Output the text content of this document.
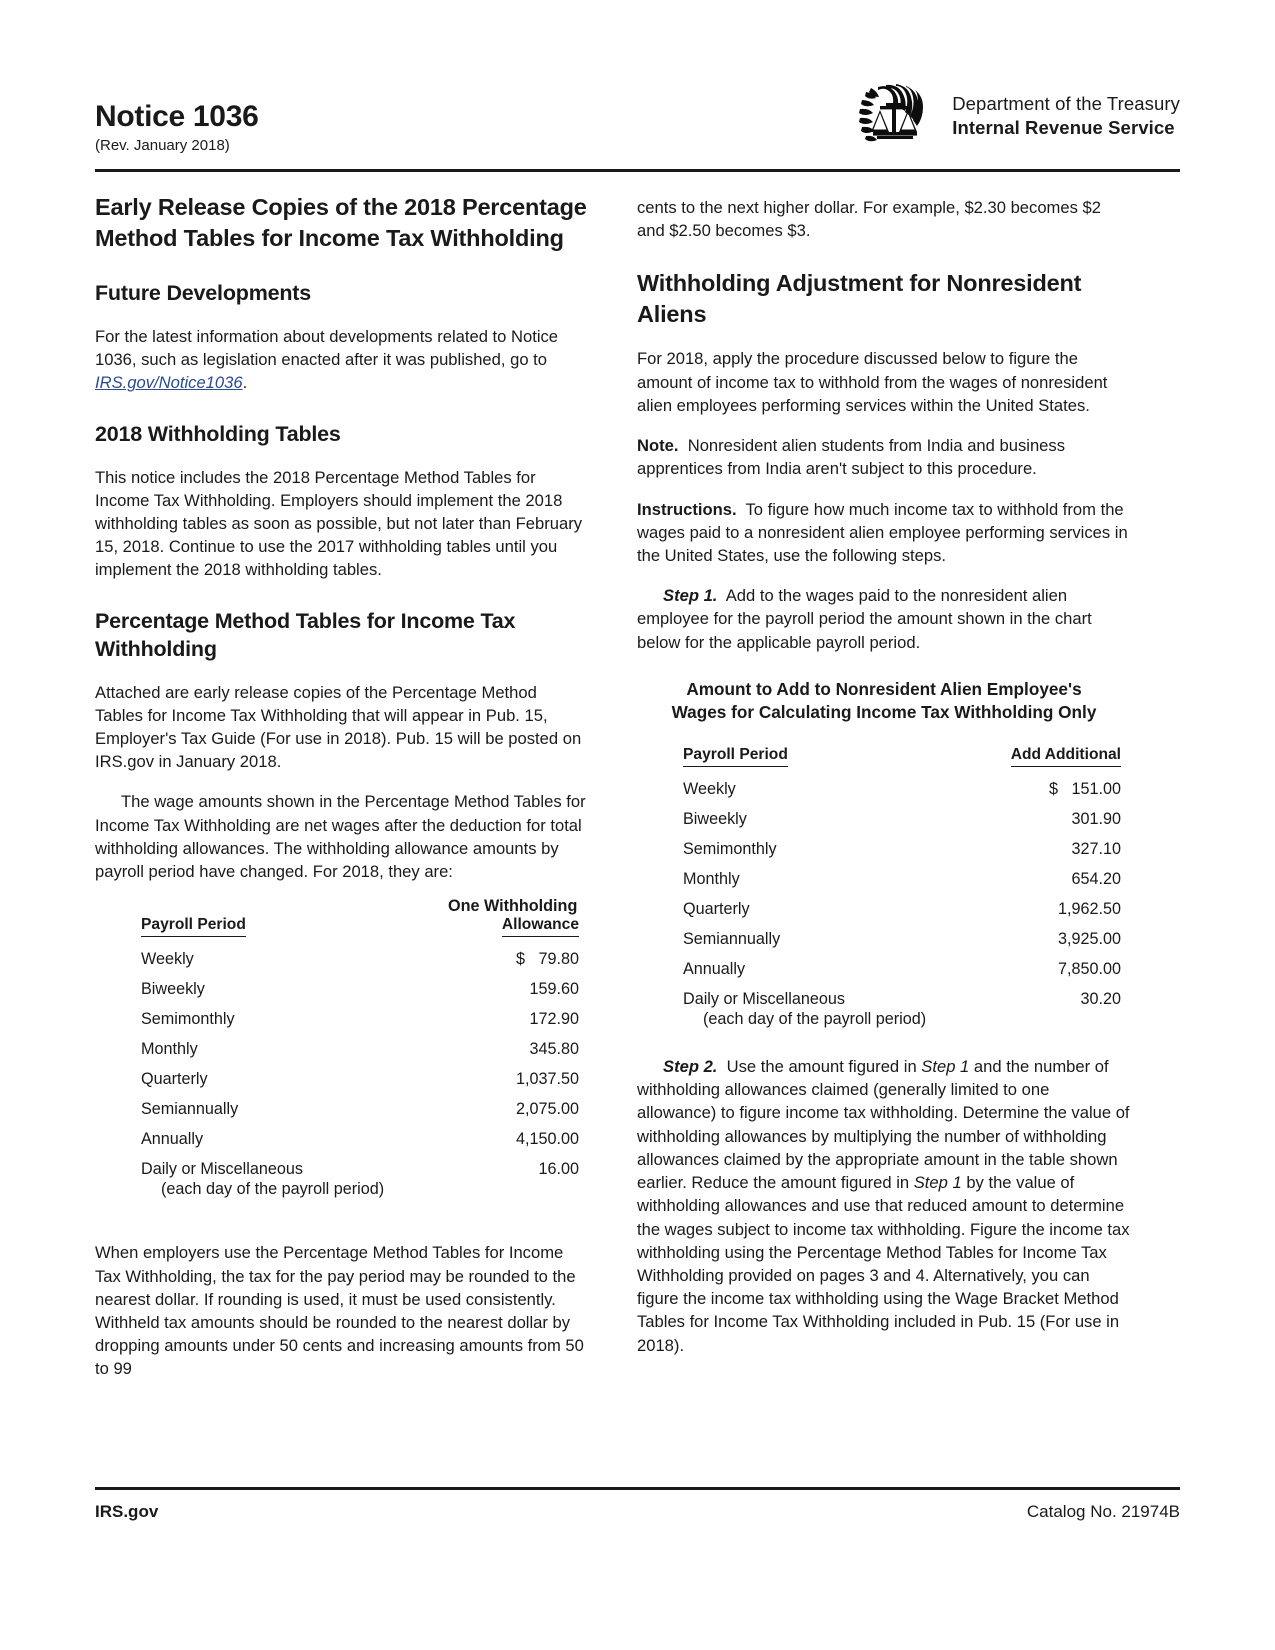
Notice 1036
(Rev. January 2018)
Department of the Treasury
Internal Revenue Service
Early Release Copies of the 2018 Percentage Method Tables for Income Tax Withholding
Future Developments

For the latest information about developments related to Notice 1036, such as legislation enacted after it was published, go to IRS.gov/Notice1036.

2018 Withholding Tables

This notice includes the 2018 Percentage Method Tables for Income Tax Withholding. Employers should implement the 2018 withholding tables as soon as possible, but not later than February 15, 2018. Continue to use the 2017 withholding tables until you implement the 2018 withholding tables.

Percentage Method Tables for Income Tax Withholding

Attached are early release copies of the Percentage Method Tables for Income Tax Withholding that will appear in Pub. 15, Employer's Tax Guide (For use in 2018). Pub. 15 will be posted on IRS.gov in January 2018.

The wage amounts shown in the Percentage Method Tables for Income Tax Withholding are net wages after the deduction for total withholding allowances. The withholding allowance amounts by payroll period have changed. For 2018, they are:

	One Withholding
Payroll Period	Allowance
Weekly	$   79.80
Biweekly	159.60
Semimonthly	172.90
Monthly	345.80
Quarterly	1,037.50
Semiannually	2,075.00
Annually	4,150.00
Daily or Miscellaneous	16.00
(each day of the payroll period)	

When employers use the Percentage Method Tables for Income Tax Withholding, the tax for the pay period may be rounded to the nearest dollar. If rounding is used, it must be used consistently. Withheld tax amounts should be rounded to the nearest dollar by dropping amounts under 50 cents and increasing amounts from 50 to 99

cents to the next higher dollar. For example, $2.30 becomes $2 and $2.50 becomes $3.

Withholding Adjustment for Nonresident Aliens

For 2018, apply the procedure discussed below to figure the amount of income tax to withhold from the wages of nonresident alien employees performing services within the United States.

Note. Nonresident alien students from India and business apprentices from India aren't subject to this procedure.

Instructions. To figure how much income tax to withhold from the wages paid to a nonresident alien employee performing services in the United States, use the following steps.

Step 1. Add to the wages paid to the nonresident alien employee for the payroll period the amount shown in the chart below for the applicable payroll period.

Amount to Add to Nonresident Alien Employee's Wages for Calculating Income Tax Withholding Only
Payroll Period	Add Additional
Weekly	$   151.00
Biweekly	301.90
Semimonthly	327.10
Monthly	654.20
Quarterly	1,962.50
Semiannually	3,925.00
Annually	7,850.00
Daily or Miscellaneous	30.20
(each day of the payroll period)	

Step 2. Use the amount figured in Step 1 and the number of withholding allowances claimed (generally limited to one allowance) to figure income tax withholding. Determine the value of withholding allowances by multiplying the number of withholding allowances claimed by the appropriate amount in the table shown earlier. Reduce the amount figured in Step 1 by the value of withholding allowances and use that reduced amount to determine the wages subject to income tax withholding. Figure the income tax withholding using the Percentage Method Tables for Income Tax Withholding provided on pages 3 and 4. Alternatively, you can figure the income tax withholding using the Wage Bracket Method Tables for Income Tax Withholding included in Pub. 15 (For use in 2018).

IRS.gov	Catalog No. 21974B
